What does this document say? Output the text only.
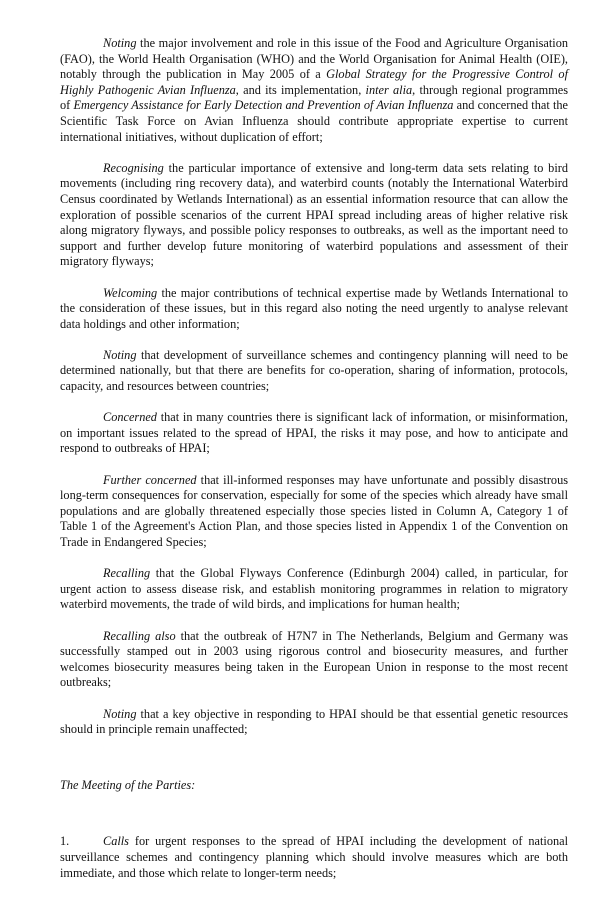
Noting the major involvement and role in this issue of the Food and Agriculture Organisation (FAO), the World Health Organisation (WHO) and the World Organisation for Animal Health (OIE), notably through the publication in May 2005 of a Global Strategy for the Progressive Control of Highly Pathogenic Avian Influenza, and its implementation, inter alia, through regional programmes of Emergency Assistance for Early Detection and Prevention of Avian Influenza and concerned that the Scientific Task Force on Avian Influenza should contribute appropriate expertise to current international initiatives, without duplication of effort;

Recognising the particular importance of extensive and long-term data sets relating to bird movements (including ring recovery data), and waterbird counts (notably the International Waterbird Census coordinated by Wetlands International) as an essential information resource that can allow the exploration of possible scenarios of the current HPAI spread including areas of higher relative risk along migratory flyways, and possible policy responses to outbreaks, as well as the important need to support and further develop future monitoring of waterbird populations and assessment of their migratory flyways;

Welcoming the major contributions of technical expertise made by Wetlands International to the consideration of these issues, but in this regard also noting the need urgently to analyse relevant data holdings and other information;

Noting that development of surveillance schemes and contingency planning will need to be determined nationally, but that there are benefits for co-operation, sharing of information, protocols, capacity, and resources between countries;

Concerned that in many countries there is significant lack of information, or misinformation, on important issues related to the spread of HPAI, the risks it may pose, and how to anticipate and respond to outbreaks of HPAI;

Further concerned that ill-informed responses may have unfortunate and possibly disastrous long-term consequences for conservation, especially for some of the species which already have small populations and are globally threatened especially those species listed in Column A, Category 1 of Table 1 of the Agreement's Action Plan, and those species listed in Appendix 1 of the Convention on Trade in Endangered Species;

Recalling that the Global Flyways Conference (Edinburgh 2004) called, in particular, for urgent action to assess disease risk, and establish monitoring programmes in relation to migratory waterbird movements, the trade of wild birds, and implications for human health;

Recalling also that the outbreak of H7N7 in The Netherlands, Belgium and Germany was successfully stamped out in 2003 using rigorous control and biosecurity measures, and further welcomes biosecurity measures being taken in the European Union in response to the most recent outbreaks;

Noting that a key objective in responding to HPAI should be that essential genetic resources should in principle remain unaffected;

The Meeting of the Parties:

1.	Calls for urgent responses to the spread of HPAI including the development of national surveillance schemes and contingency planning which should involve measures which are both immediate, and those which relate to longer-term needs;
